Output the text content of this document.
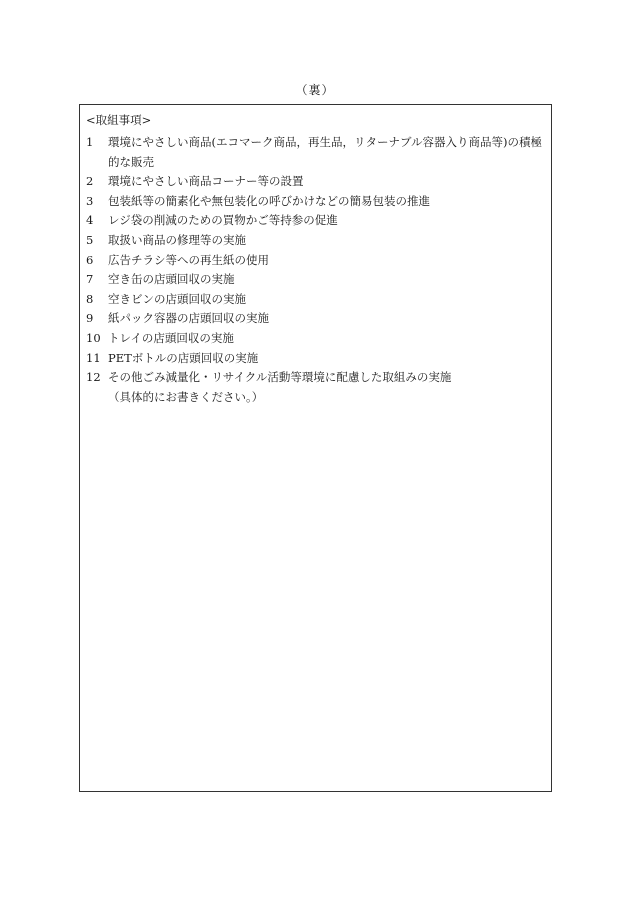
（裏）
<取組事項>
1	環境にやさしい商品(エコマーク商品，再生品，リターナブル容器入り商品等)の積極的な販売
2	環境にやさしい商品コーナー等の設置
3	包装紙等の簡素化や無包装化の呼びかけなどの簡易包装の推進
4	レジ袋の削減のための買物かご等持参の促進
5	取扱い商品の修理等の実施
6	広告チラシ等への再生紙の使用
7	空き缶の店頭回収の実施
8	空きビンの店頭回収の実施
9	紙パック容器の店頭回収の実施
10 トレイの店頭回収の実施
11 PETボトルの店頭回収の実施
12 その他ごみ減量化・リサイクル活動等環境に配慮した取組みの実施
（具体的にお書きください。）
